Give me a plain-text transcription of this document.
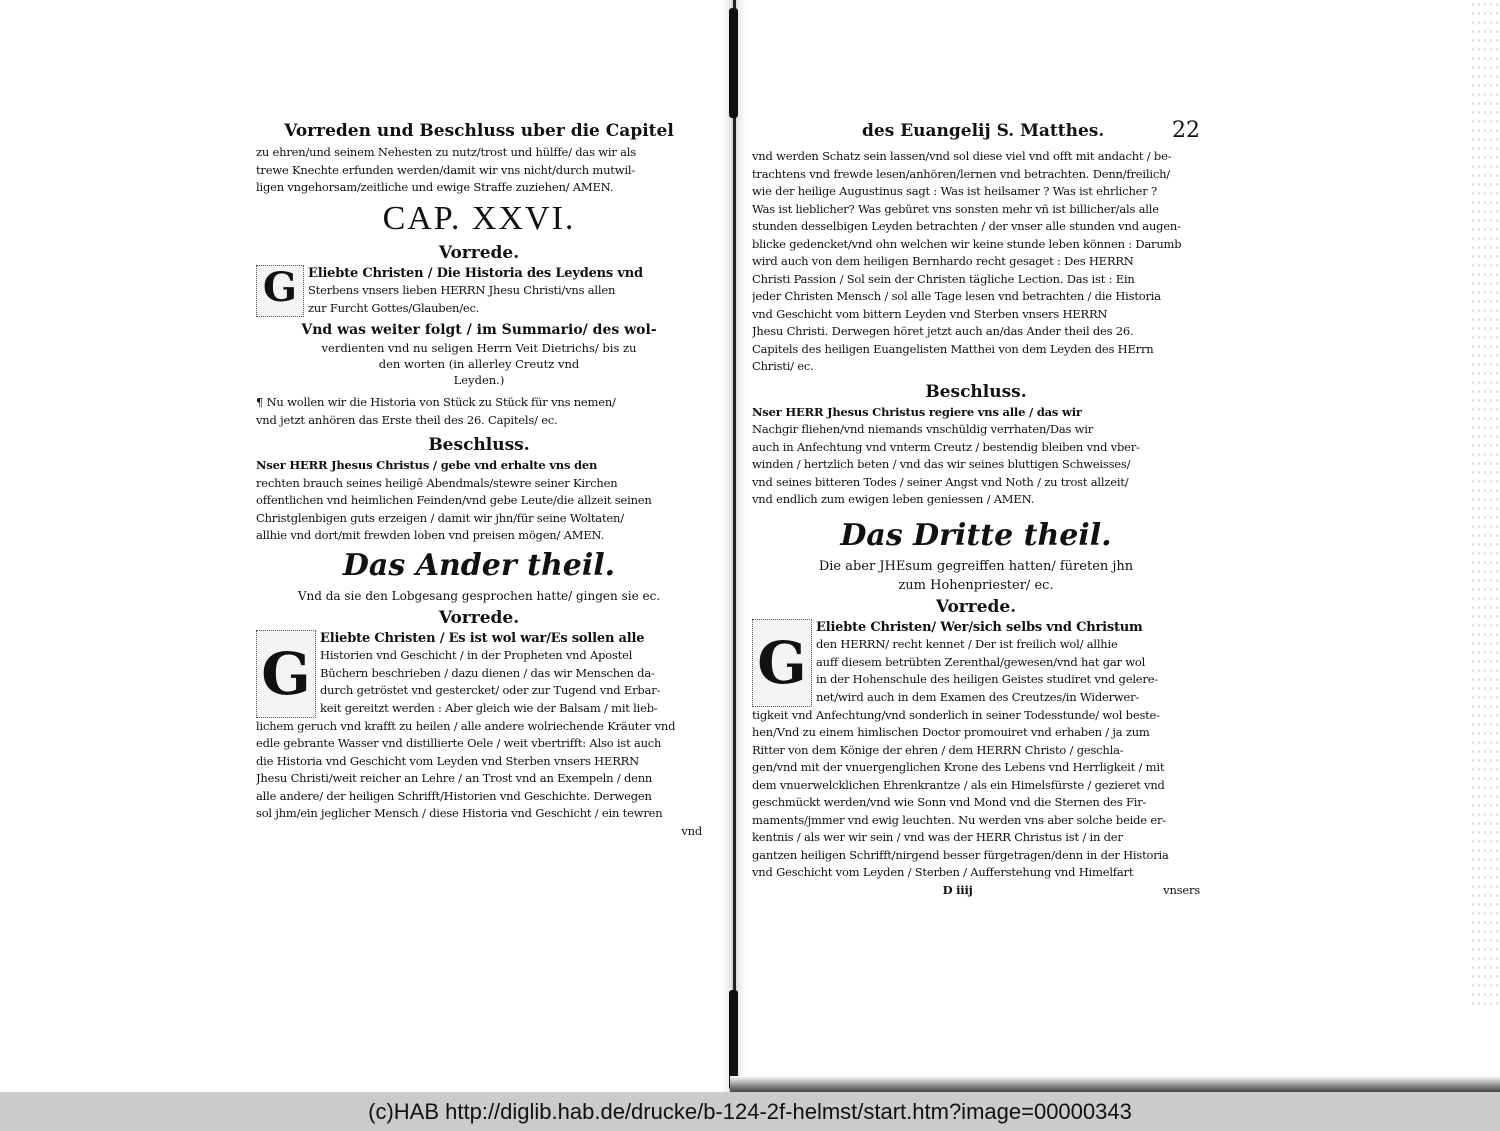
Vorreden und Beschluss uber die Capitel
zu ehren/und seinem Nehesten zu nutz/trost und hülffe/ das wir als
trewe Knechte erfunden werden/damit wir vns nicht/durch mutwil-
ligen vngehorsam/zeitliche und ewige Straffe zuziehen/ AMEN.
CAP. XXVI.
Vorrede.
G Eliebte Christen / Die Historia des Leydens vnd
Sterbens vnsers lieben HERRN Jhesu Christi/vns allen
zur Furcht Gottes/Glauben/ec.
Vnd was weiter folgt / im Summario/ des wol-
verdienten vnd nu seligen Herrn Veit Dietrichs/ bis zu
den worten (in allerley Creutz vnd
Leyden.)
¶ Nu wollen wir die Historia von Stück zu Stück für vns nemen/
vnd jetzt anhören das Erste theil des 26. Capitels/ ec.
Beschluss.
Nser HERR Jhesus Christus / gebe vnd erhalte vns den
rechten brauch seines heiligē Abendmals/stewre seiner Kirchen
offentlichen vnd heimlichen Feinden/vnd gebe Leute/die allzeit seinen
Christglenbigen guts erzeigen / damit wir jhn/für seine Woltaten/
allhie vnd dort/mit frewden loben vnd preisen mögen/ AMEN.
Das Ander theil.
Vnd da sie den Lobgesang gesprochen hatte/ gingen sie ec.
Vorrede.
G
Eliebte Christen / Es ist wol war/Es sollen alle
Historien vnd Geschicht / in der Propheten vnd Apostel
Büchern beschrieben / dazu dienen / das wir Menschen da-
durch getröstet vnd gestercket/ oder zur Tugend vnd Erbar-
keit gereitzt werden : Aber gleich wie der Balsam / mit lieb-
lichem geruch vnd krafft zu heilen / alle andere wolriechende Kräuter vnd
edle gebrante Wasser vnd distillierte Oele / weit vbertrifft: Also ist auch
die Historia vnd Geschicht vom Leyden vnd Sterben vnsers HERRN
Jhesu Christi/weit reicher an Lehre / an Trost vnd an Exempeln / denn
alle andere/ der heiligen Schrifft/Historien vnd Geschichte. Derwegen
sol jhm/ein jeglicher Mensch / diese Historia vnd Geschicht / ein tewren
vnd
des Euangelij S. Matthes.	22
vnd werden Schatz sein lassen/vnd sol diese viel vnd offt mit andacht / be-
trachtens vnd frewde lesen/anhören/lernen vnd betrachten. Denn/freilich/
wie der heilige Augustinus sagt : Was ist heilsamer ? Was ist ehrlicher ?
Was ist lieblicher? Was gebüret vns sonsten mehr vñ ist billicher/als alle
stunden desselbigen Leyden betrachten / der vnser alle stunden vnd augen-
blicke gedencket/vnd ohn welchen wir keine stunde leben können : Darumb
wird auch von dem heiligen Bernhardo recht gesaget : Des HERRN
Christi Passion / Sol sein der Christen tägliche Lection. Das ist : Ein
jeder Christen Mensch / sol alle Tage lesen vnd betrachten / die Historia
vnd Geschicht vom bittern Leyden vnd Sterben vnsers HERRN
Jhesu Christi. Derwegen höret jetzt auch an/das Ander theil des 26.
Capitels des heiligen Euangelisten Matthei von dem Leyden des HErrn
Christi/ ec.
Beschluss.
Nser HERR Jhesus Christus regiere vns alle / das wir
Nachgir fliehen/vnd niemands vnschüldig verrhaten/Das wir
auch in Anfechtung vnd vnterm Creutz / bestendig bleiben vnd vber-
winden / hertzlich beten / vnd das wir seines bluttigen Schweisses/
vnd seines bitteren Todes / seiner Angst vnd Noth / zu trost allzeit/
vnd endlich zum ewigen leben geniessen / AMEN.
Das Dritte theil.
Die aber JHEsum gegreiffen hatten/ füreten jhn
zum Hohenpriester/ ec.
Vorrede.
G
Eliebte Christen/ Wer/sich selbs vnd Christum
den HERRN/ recht kennet / Der ist freilich wol/ allhie
auff diesem betrübten Zerenthal/gewesen/vnd hat gar wol
in der Hohenschule des heiligen Geistes studiret vnd gelere-
net/wird auch in dem Examen des Creutzes/in Widerwer-
tigkeit vnd Anfechtung/vnd sonderlich in seiner Todesstunde/ wol beste-
hen/Vnd zu einem himlischen Doctor promouiret vnd erhaben / ja zum
Ritter von dem Könige der ehren / dem HERRN Christo / geschla-
gen/vnd mit der vnuergenglichen Krone des Lebens vnd Herrligkeit / mit
dem vnuerwelcklichen Ehrenkrantze / als ein Himelsfürste / gezieret vnd
geschmückt werden/vnd wie Sonn vnd Mond vnd die Sternen des Fir-
maments/jmmer vnd ewig leuchten. Nu werden vns aber solche beide er-
kentnis / als wer wir sein / vnd was der HERR Christus ist / in der
gantzen heiligen Schrifft/nirgend besser fürgetragen/denn in der Historia
vnd Geschicht vom Leyden / Sterben / Aufferstehung vnd Himelfart
D iiij	vnsers
(c)HAB http://diglib.hab.de/drucke/b-124-2f-helmst/start.htm?image=00000343
